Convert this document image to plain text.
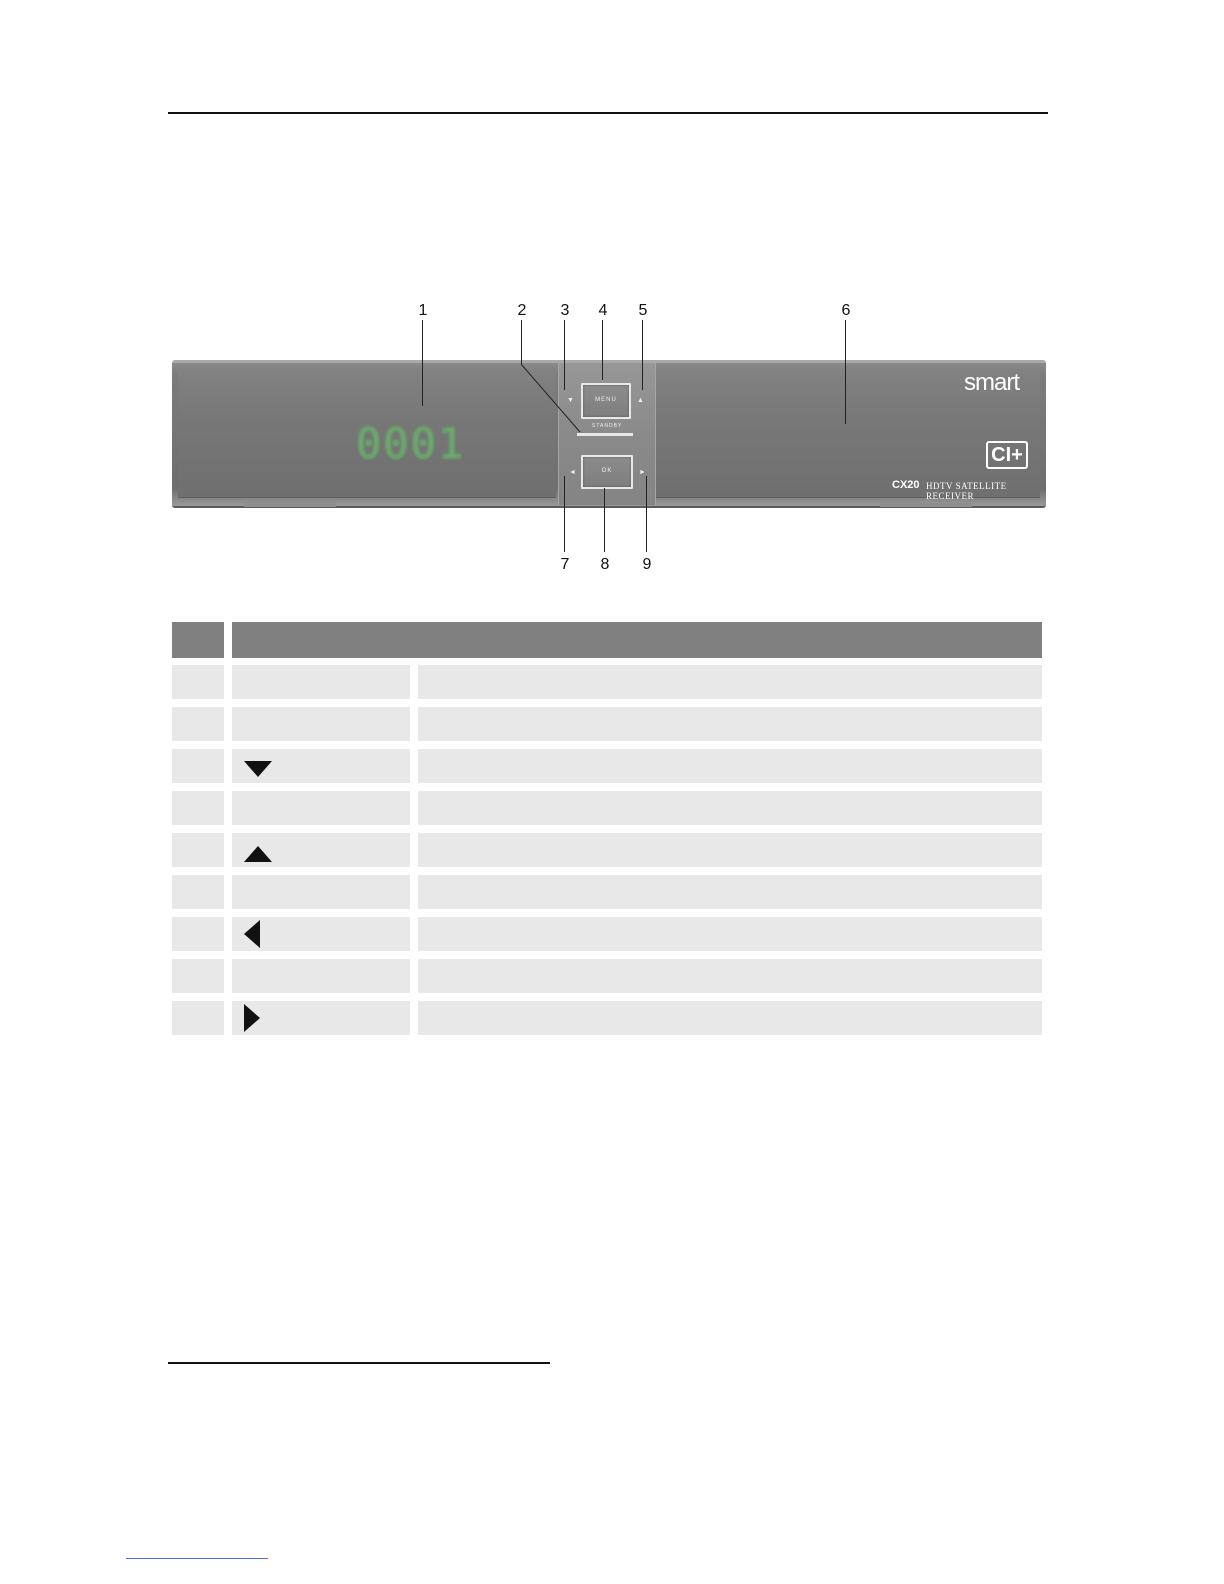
1	2	3	4	5	6
7	8	9
0001
MENU
▼	▲
STANDBY
OK
◄	►
smart
CI+
CX20 HDTV SATELLITE RECEIVER
